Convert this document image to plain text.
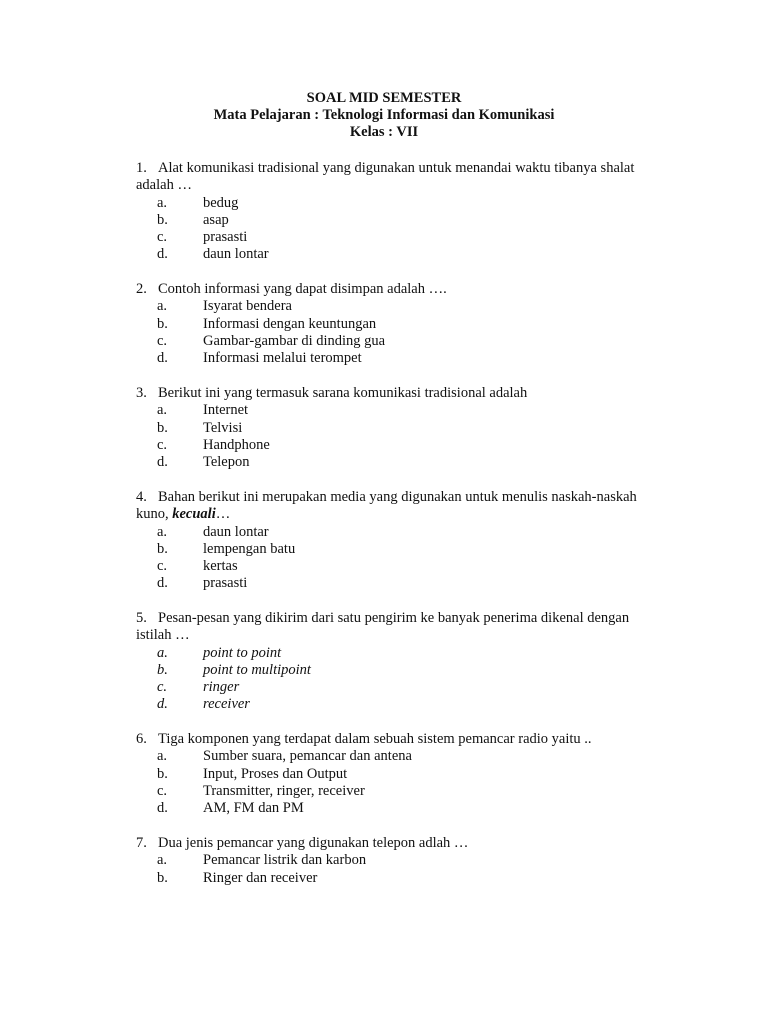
SOAL MID SEMESTER
Mata Pelajaran : Teknologi Informasi dan Komunikasi
Kelas : VII
1. Alat komunikasi tradisional yang digunakan untuk menandai waktu tibanya shalat
adalah …
a. bedug
b. asap
c. prasasti
d. daun lontar
2. Contoh informasi yang dapat disimpan adalah ….
a. Isyarat bendera
b. Informasi dengan keuntungan
c. Gambar-gambar di dinding gua
d. Informasi melalui terompet
3. Berikut ini yang termasuk sarana komunikasi tradisional adalah
a. Internet
b. Telvisi
c. Handphone
d. Telepon
4. Bahan berikut ini merupakan media yang digunakan untuk menulis naskah-naskah
kuno, kecuali…
a. daun lontar
b. lempengan batu
c. kertas
d. prasasti
5. Pesan-pesan yang dikirim dari satu pengirim ke banyak penerima dikenal dengan
istilah …
a. point to point
b. point to multipoint
c. ringer
d. receiver
6. Tiga komponen yang terdapat dalam sebuah sistem pemancar radio yaitu ..
a. Sumber suara, pemancar dan antena
b. Input, Proses dan Output
c. Transmitter, ringer, receiver
d. AM, FM dan PM
7. Dua jenis pemancar yang digunakan telepon adlah …
a. Pemancar listrik dan karbon
b. Ringer dan receiver
